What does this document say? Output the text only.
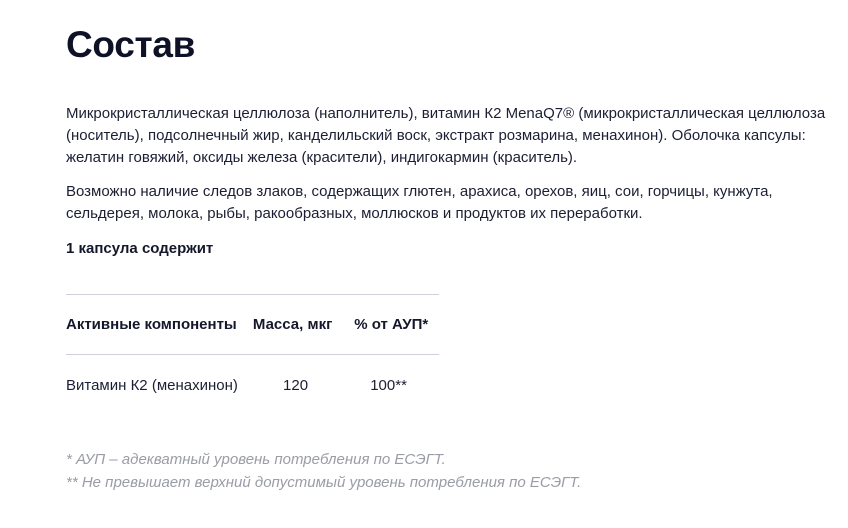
Состав

Микрокристаллическая целлюлоза (наполнитель), витамин К2 MenaQ7® (микрокристаллическая целлюлоза (носитель), подсолнечный жир, канделильский воск, экстракт розмарина, менахинон). Оболочка капсулы: желатин говяжий, оксиды железа (красители), индигокармин (краситель).

Возможно наличие следов злаков, содержащих глютен, арахиса, орехов, яиц, сои, горчицы, кунжута, сельдерея, молока, рыбы, ракообразных, моллюсков и продуктов их переработки.

1 капсула содержит

Активные компоненты	Масса, мкг	% от АУП*
Витамин К2 (менахинон)	120	100**
* АУП – адекватный уровень потребления по ЕСЭГТ.
** Не превышает верхний допустимый уровень потребления по ЕСЭГТ.
